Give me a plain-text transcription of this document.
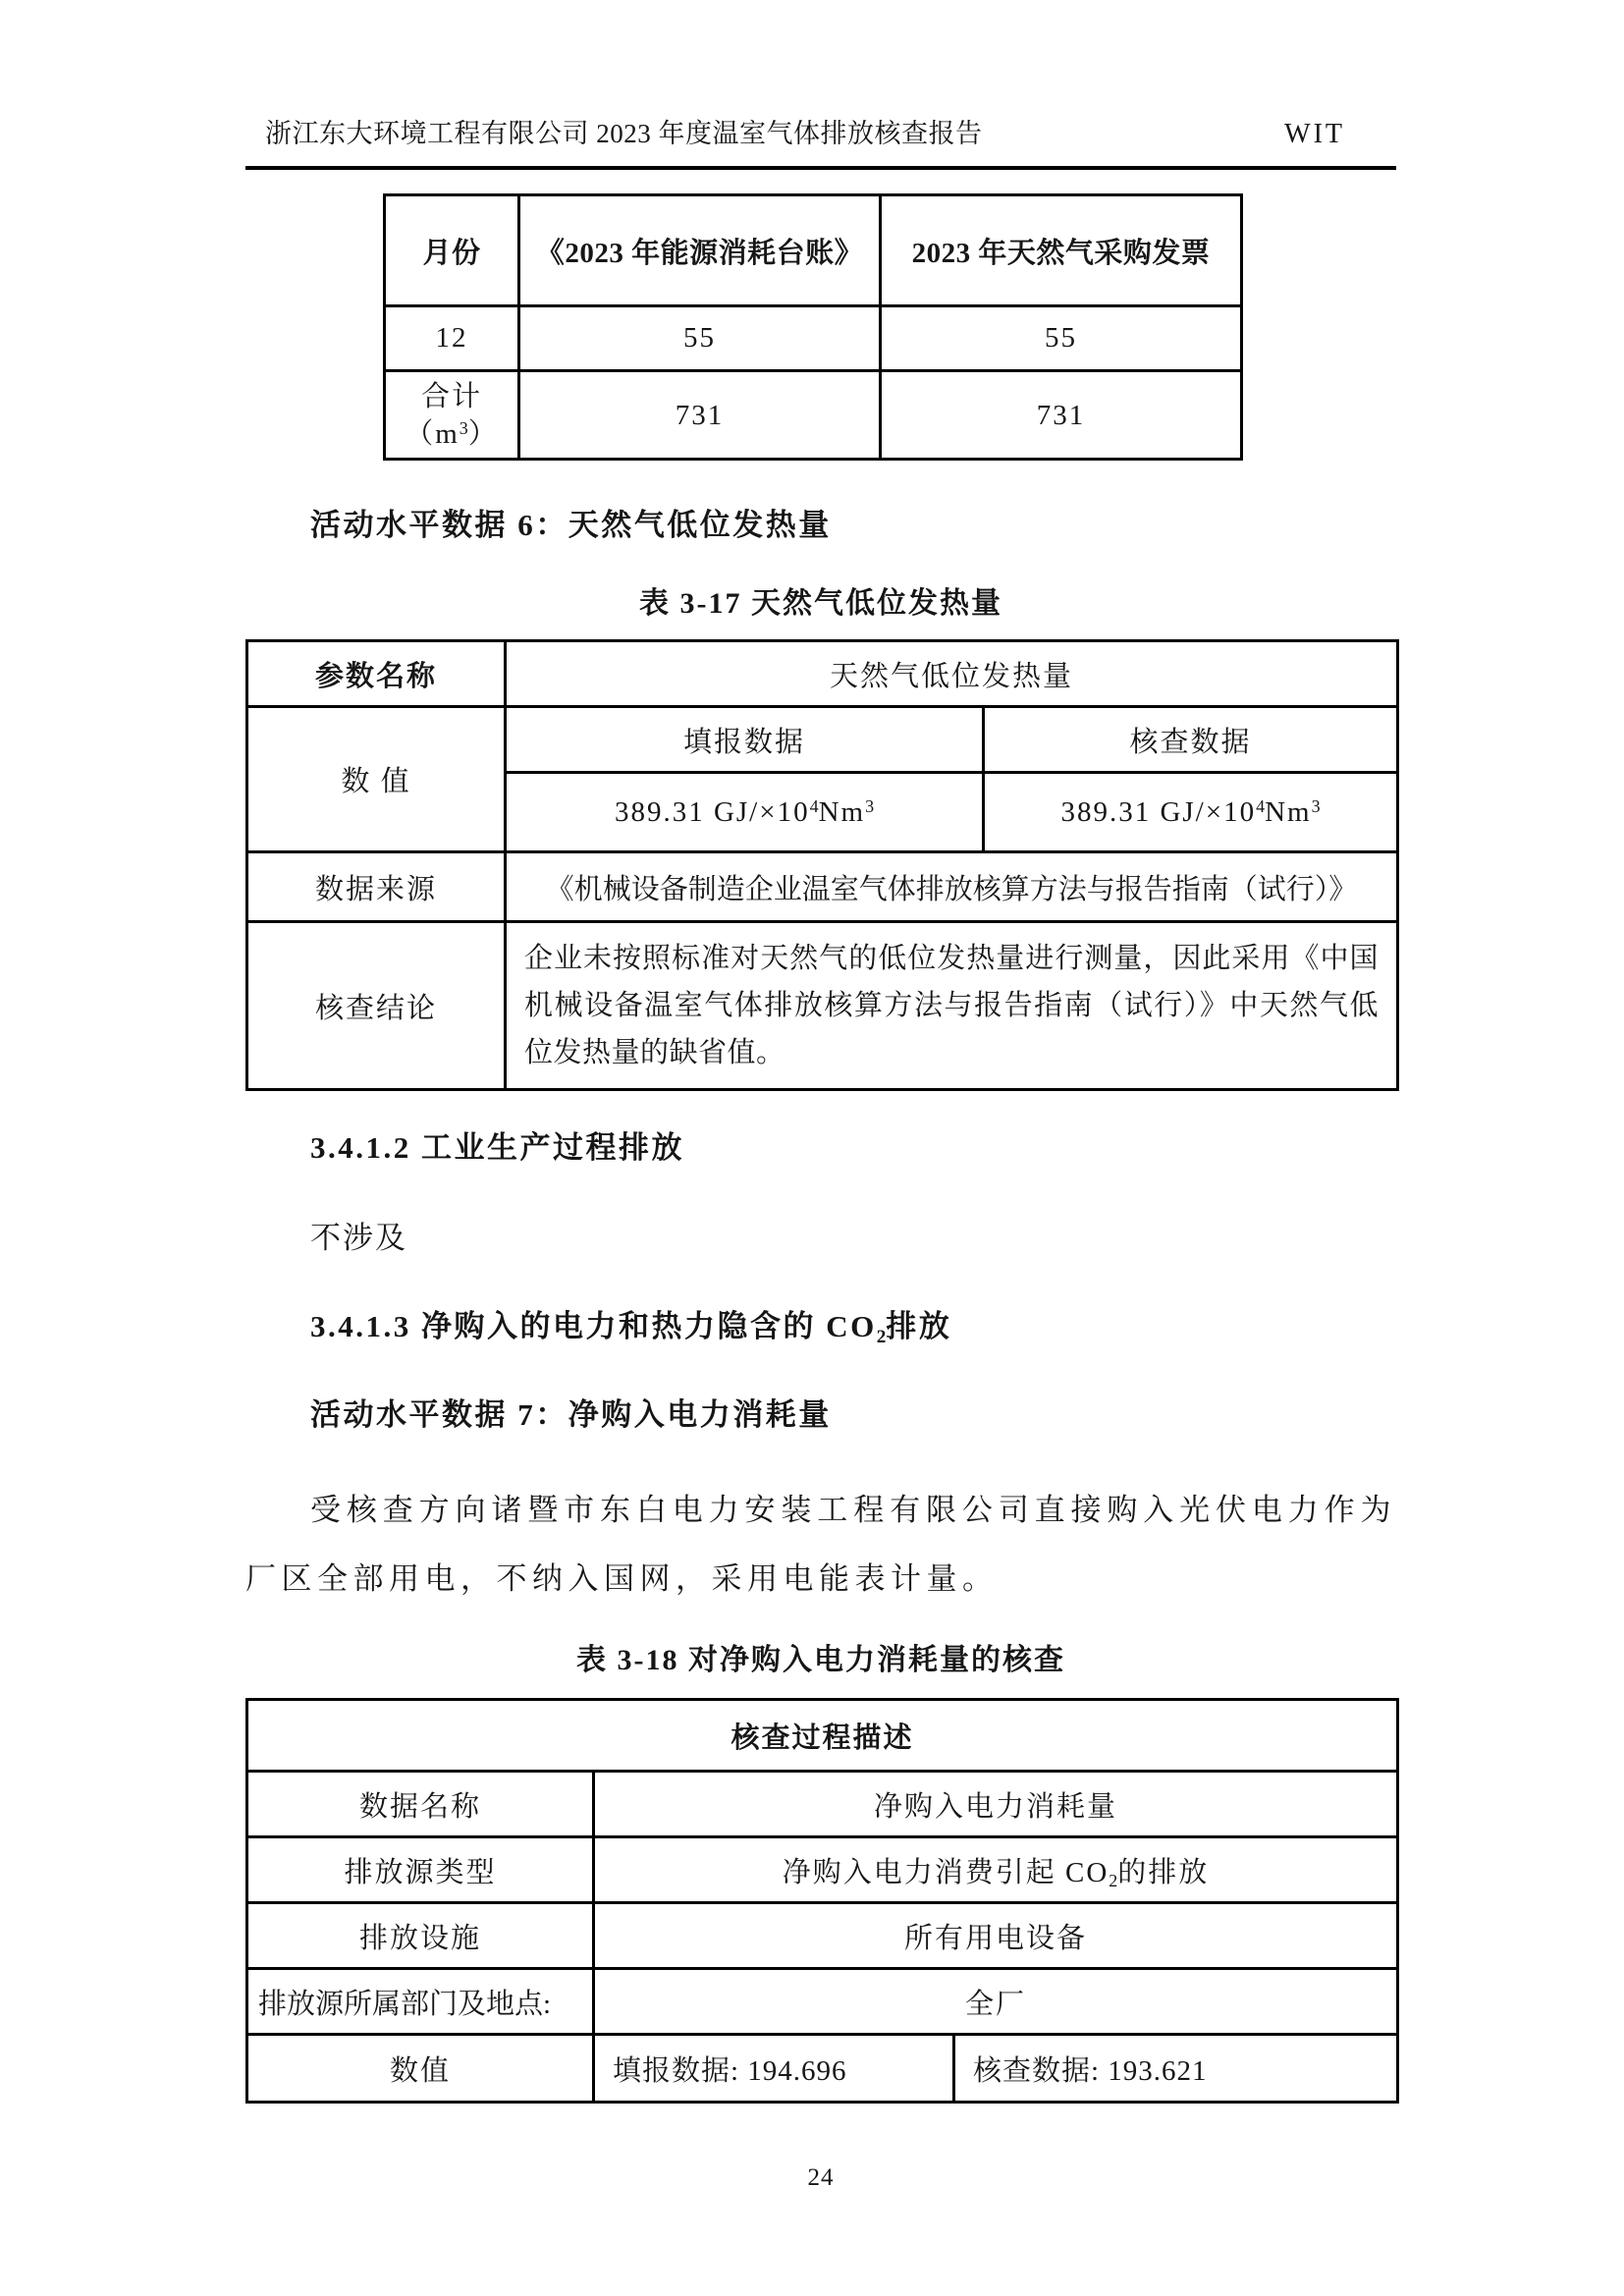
浙江东大环境工程有限公司 2023 年度温室气体排放核查报告	WIT
月份	《2023 年能源消耗台账》	2023 年天然气采购发票
12	55	55
合计
$(m^3)$	731	731

活动水平数据 6：天然气低位发热量

表 3-17 天然气低位发热量

参数名称	天然气低位发热量	
数 值	填报数据	核查数据
	389.31 $GJ/\times 10^4Nm^3$	389.31 $GJ/\times 10^4Nm^3$
数据来源	《机械设备制造企业温室气体排放核算方法与报告指南（试行）》	
核查结论	企业未按照标准对天然气的低位发热量进行测量，因此采用《中国机械设备温室气体排放核算方法与报告指南（试行）》中天然气低位发热量的缺省值。	

3.4.1.2 工业生产过程排放

不涉及

3.4.1.3 净购入的电力和热力隐含的 $CO_2$排放

活动水平数据 7：净购入电力消耗量

受核查方向诸暨市东白电力安装工程有限公司直接购入光伏电力作为厂区全部用电，不纳入国网，采用电能表计量。

表 3-18 对净购入电力消耗量的核查

核查过程描述		
数据名称	净购入电力消耗量	
排放源类型	净购入电力消费引起 $CO_2$的排放	
排放设施	所有用电设备	
排放源所属部门及地点:	全厂	
数值	填报数据: 194.696	核查数据: 193.621
24
